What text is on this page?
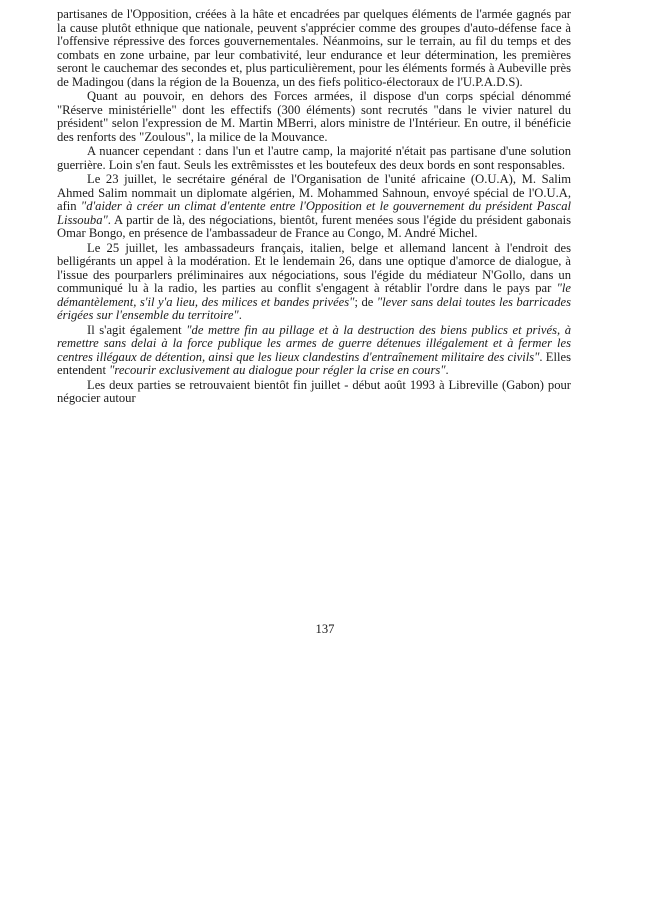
partisanes de l'Opposition, créées à la hâte et encadrées par quelques éléments de l'armée gagnés par la cause plutôt ethnique que nationale, peuvent s'apprécier comme des groupes d'auto-défense face à l'offensive répressive des forces gouvernementales. Néanmoins, sur le terrain, au fil du temps et des combats en zone urbaine, par leur combativité, leur endurance et leur détermination, les premières seront le cauchemar des secondes et, plus particulièrement, pour les éléments formés à Aubeville près de Madingou (dans la région de la Bouenza, un des fiefs politico-électoraux de l'U.P.A.D.S).

Quant au pouvoir, en dehors des Forces armées, il dispose d'un corps spécial dénommé "Réserve ministérielle" dont les effectifs (300 éléments) sont recrutés "dans le vivier naturel du président" selon l'expression de M. Martin MBerri, alors ministre de l'Intérieur. En outre, il bénéficie des renforts des "Zoulous", la milice de la Mouvance.

A nuancer cependant : dans l'un et l'autre camp, la majorité n'était pas partisane d'une solution guerrière. Loin s'en faut. Seuls les extrêmisstes et les boutefeux des deux bords en sont responsables.

Le 23 juillet, le secrétaire général de l'Organisation de l'unité africaine (O.U.A), M. Salim Ahmed Salim nommait un diplomate algérien, M. Mohammed Sahnoun, envoyé spécial de l'O.U.A, afin "d'aider à créer un climat d'entente entre l'Opposition et le gouvernement du président Pascal Lissouba". A partir de là, des négociations, bientôt, furent menées sous l'égide du président gabonais Omar Bongo, en présence de l'ambassadeur de France au Congo, M. André Michel.

Le 25 juillet, les ambassadeurs français, italien, belge et allemand lancent à l'endroit des belligérants un appel à la modération. Et le lendemain 26, dans une optique d'amorce de dialogue, à l'issue des pourparlers préliminaires aux négociations, sous l'égide du médiateur N'Gollo, dans un communiqué lu à la radio, les parties au conflit s'engagent à rétablir l'ordre dans le pays par "le démantèlement, s'il y'a lieu, des milices et bandes privées"; de "lever sans delai toutes les barricades érigées sur l'ensemble du territoire".

Il s'agit également "de mettre fin au pillage et à la destruction des biens publics et privés, à remettre sans delai à la force publique les armes de guerre détenues illégalement et à fermer les centres illégaux de détention, ainsi que les lieux clandestins d'entraînement militaire des civils". Elles entendent "recourir exclusivement au dialogue pour régler la crise en cours".

Les deux parties se retrouvaient bientôt fin juillet - début août 1993 à Libreville (Gabon) pour négocier autour

137
